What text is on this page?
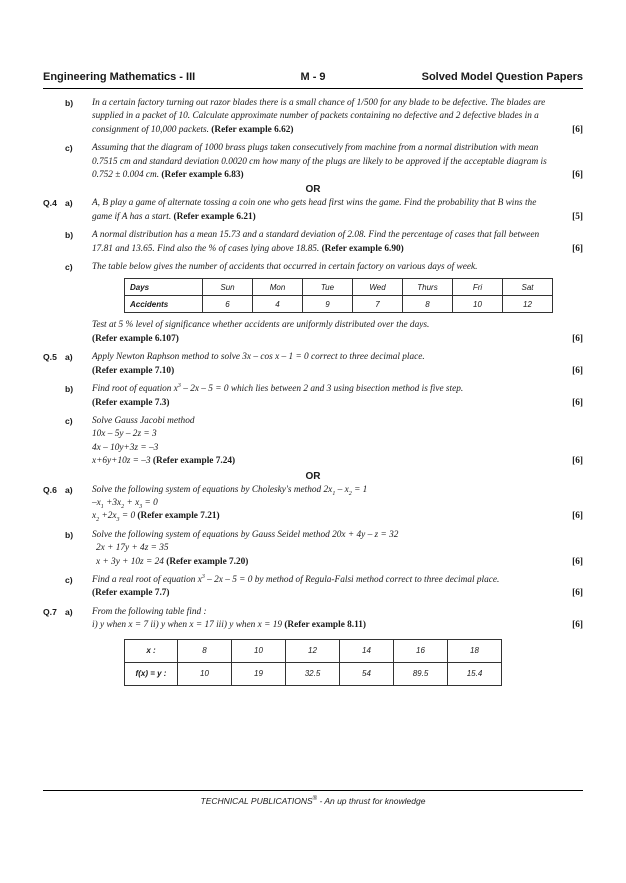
Engineering Mathematics - III	M - 9	Solved Model Question Papers
b) In a certain factory turning out razor blades there is a small chance of 1/500 for any blade to be defective. The blades are supplied in a packet of 10. Calculate approximate number of packets containing no defective and 2 defective blades in a consignment of 10,000 packets. (Refer example 6.62)	[6]
c) Assuming that the diagram of 1000 brass plugs taken consecutively from machine from a normal distribution with mean 0.7515 cm and standard deviation 0.0020 cm how many of the plugs are likely to be approved if the acceptable diagram is 0.752 ± 0.004 cm. (Refer example 6.83)	[6]
OR
Q.4 a) A, B play a game of alternate tossing a coin one who gets head first wins the game. Find the probability that B wins the game if A has a start. (Refer example 6.21)	[5]
b) A normal distribution has a mean 15.73 and a standard deviation of 2.08. Find the percentage of cases that fall between 17.81 and 13.65. Find also the % of cases lying above 18.85. (Refer example 6.90)	[6]
c) The table below gives the number of accidents that occurred in certain factory on various days of week.
Days	Sun	Mon	Tue	Wed	Thurs	Fri	Sat
Accidents	6	4	9	7	8	10	12
Test at 5 % level of significance whether accidents are uniformly distributed over the days.
(Refer example 6.107)	[6]
Q.5 a) Apply Newton Raphson method to solve 3x – cos x – 1 = 0 correct to three decimal place.
(Refer example 7.10)	[6]
b) Find root of equation $x^3 - 2x - 5 = 0$ which lies between 2 and 3 using bisection method is five step.
(Refer example 7.3)	[6]
c) Solve Gauss Jacobi method
10x – 5y – 2z = 3
4x – 10y+3z = –3
x+6y+10z = –3 (Refer example 7.24)	[6]
OR
Q.6 a) Solve the following system of equations by Cholesky's method $2x_1 - x_2 = 1$
$-x_1 +3x_2 + x_3 = 0$
$x_2 +2x_3 = 0$ (Refer example 7.21)	[6]
b) Solve the following system of equations by Gauss Seidel method 20x + 4y – z = 32
2x + 17y + 4z = 35
x + 3y + 10z = 24 (Refer example 7.20)	[6]
c) Find a real root of equation $x^3 - 2x - 5 = 0$ by method of Regula-Falsi method correct to three decimal place.
(Refer example 7.7)	[6]
Q.7 a) From the following table find :
i) y when x = 7 ii) y when x = 17 iii) y when x = 19 (Refer example 8.11)	[6]
x :	8	10	12	14	16	18
f(x) = y :	10	19	32.5	54	89.5	15.4
TECHNICAL PUBLICATIONS® - An up thrust for knowledge
